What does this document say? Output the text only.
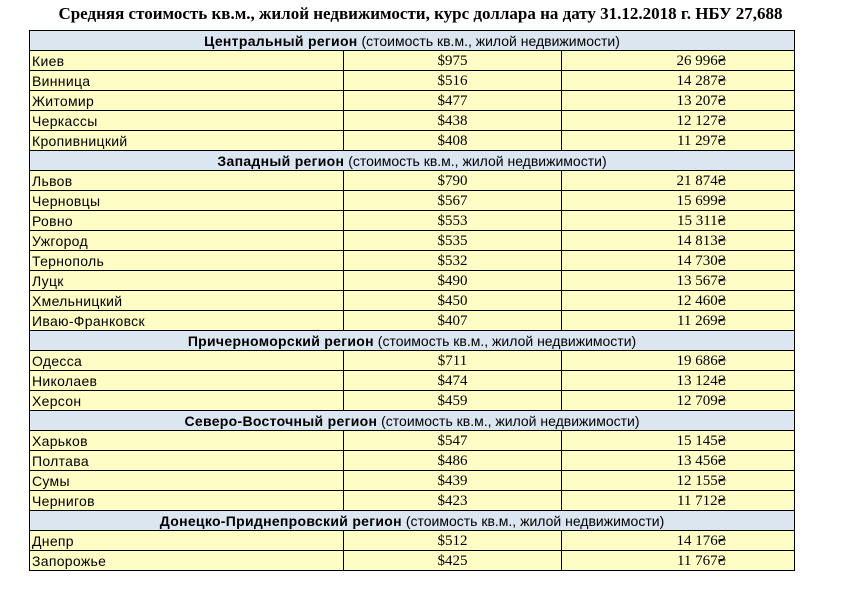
Средняя стоимость кв.м., жилой недвижимости, курс доллара на дату 31.12.2018 г. НБУ 27,688
Центральный регион (стоимость кв.м., жилой недвижимости)		
Киев	$975	26 996₴
Винница	$516	14 287₴
Житомир	$477	13 207₴
Черкассы	$438	12 127₴
Кропивницкий	$408	11 297₴
Западный регион (стоимость кв.м., жилой недвижимости)		
Львов	$790	21 874₴
Черновцы	$567	15 699₴
Ровно	$553	15 311₴
Ужгород	$535	14 813₴
Тернополь	$532	14 730₴
Луцк	$490	13 567₴
Хмельницкий	$450	12 460₴
Иваю-Франковск	$407	11 269₴
Причерноморский регион (стоимость кв.м., жилой недвижимости)		
Одесса	$711	19 686₴
Николаев	$474	13 124₴
Херсон	$459	12 709₴
Северо-Восточный регион (стоимость кв.м., жилой недвижимости)		
Харьков	$547	15 145₴
Полтава	$486	13 456₴
Сумы	$439	12 155₴
Чернигов	$423	11 712₴
Донецко-Приднепровский регион (стоимость кв.м., жилой недвижимости)		
Днепр	$512	14 176₴
Запорожье	$425	11 767₴
